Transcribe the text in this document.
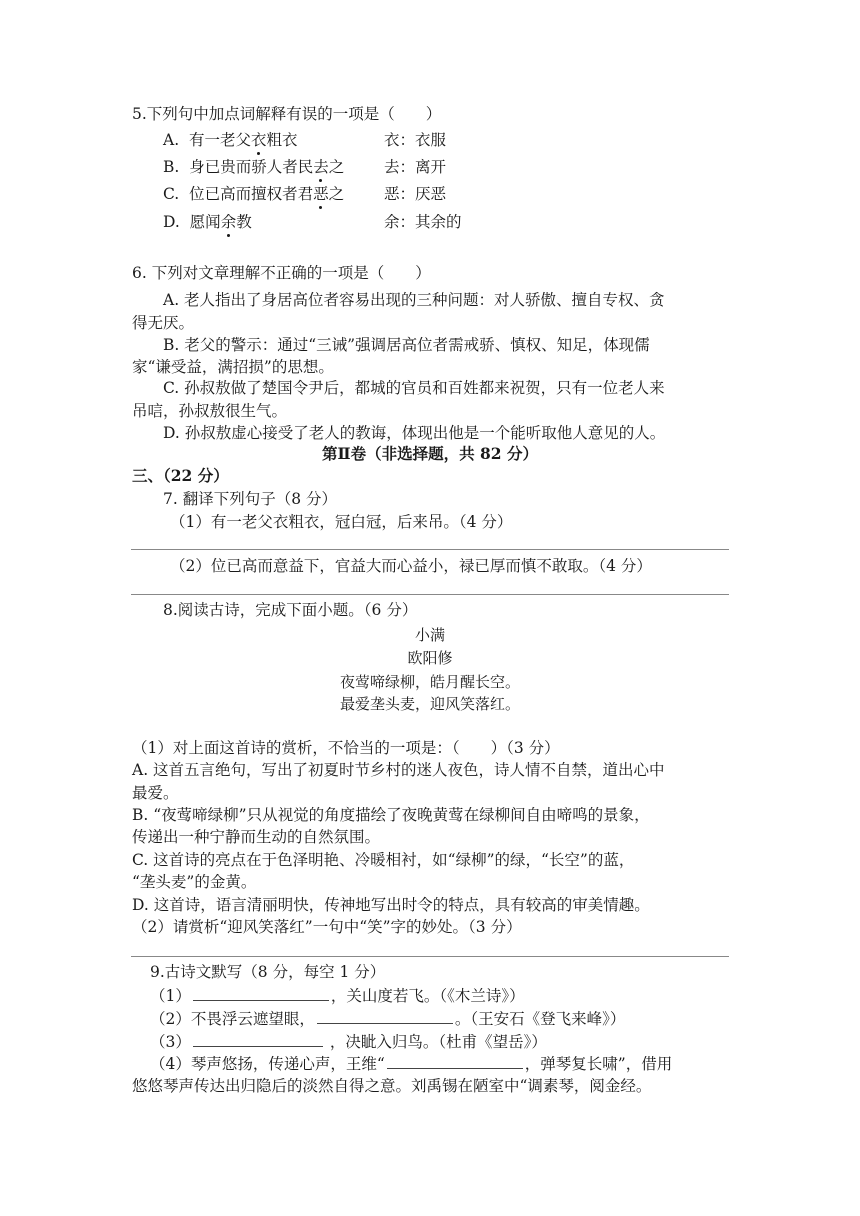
5.下列句中加点词解释有误的一项是（　　）
A. 有一老父衣粗衣	衣：衣服
B. 身已贵而骄人者民去之	去：离开
C. 位已高而擅权者君恶之	恶：厌恶
D. 愿闻余教	余：其余的
6. 下列对文章理解不正确的一项是（　　）
A. 老人指出了身居高位者容易出现的三种问题：对人骄傲、擅自专权、贪
得无厌。
B. 老父的警示：通过“三诫”强调居高位者需戒骄、慎权、知足，体现儒
家“谦受益，满招损”的思想。
C. 孙叔敖做了楚国令尹后，都城的官员和百姓都来祝贺，只有一位老人来
吊唁，孙叔敖很生气。
D. 孙叔敖虚心接受了老人的教诲，体现出他是一个能听取他人意见的人。
第Ⅱ卷（非选择题，共 82 分）
三、（22 分）
7. 翻译下列句子（8 分）
（1）有一老父衣粗衣，冠白冠，后来吊。（4 分）
（2）位已高而意益下，官益大而心益小，禄已厚而慎不敢取。（4 分）
8.阅读古诗，完成下面小题。（6 分）
小满
欧阳修
夜莺啼绿柳，皓月醒长空。
最爱垄头麦，迎风笑落红。
（1）对上面这首诗的赏析，不恰当的一项是：（　　）（3 分）
A. 这首五言绝句，写出了初夏时节乡村的迷人夜色，诗人情不自禁，道出心中
最爱。
B. “夜莺啼绿柳”只从视觉的角度描绘了夜晚黄莺在绿柳间自由啼鸣的景象，
传递出一种宁静而生动的自然氛围。
C. 这首诗的亮点在于色泽明艳、冷暖相衬，如“绿柳”的绿，“长空”的蓝，
“垄头麦”的金黄。
D. 这首诗，语言清丽明快，传神地写出时令的特点，具有较高的审美情趣。
（2）请赏析“迎风笑落红”一句中“笑”字的妙处。（3 分）
9.古诗文默写（8 分，每空 1 分）
（1）	，关山度若飞。（《木兰诗》）
（2）不畏浮云遮望眼，	。（王安石《登飞来峰》）
（3）	，决眦入归鸟。（杜甫《望岳》）
（4）琴声悠扬，传递心声，王维“	，弹琴复长啸”，借用
悠悠琴声传达出归隐后的淡然自得之意。刘禹锡在陋室中“调素琴，阅金经。
